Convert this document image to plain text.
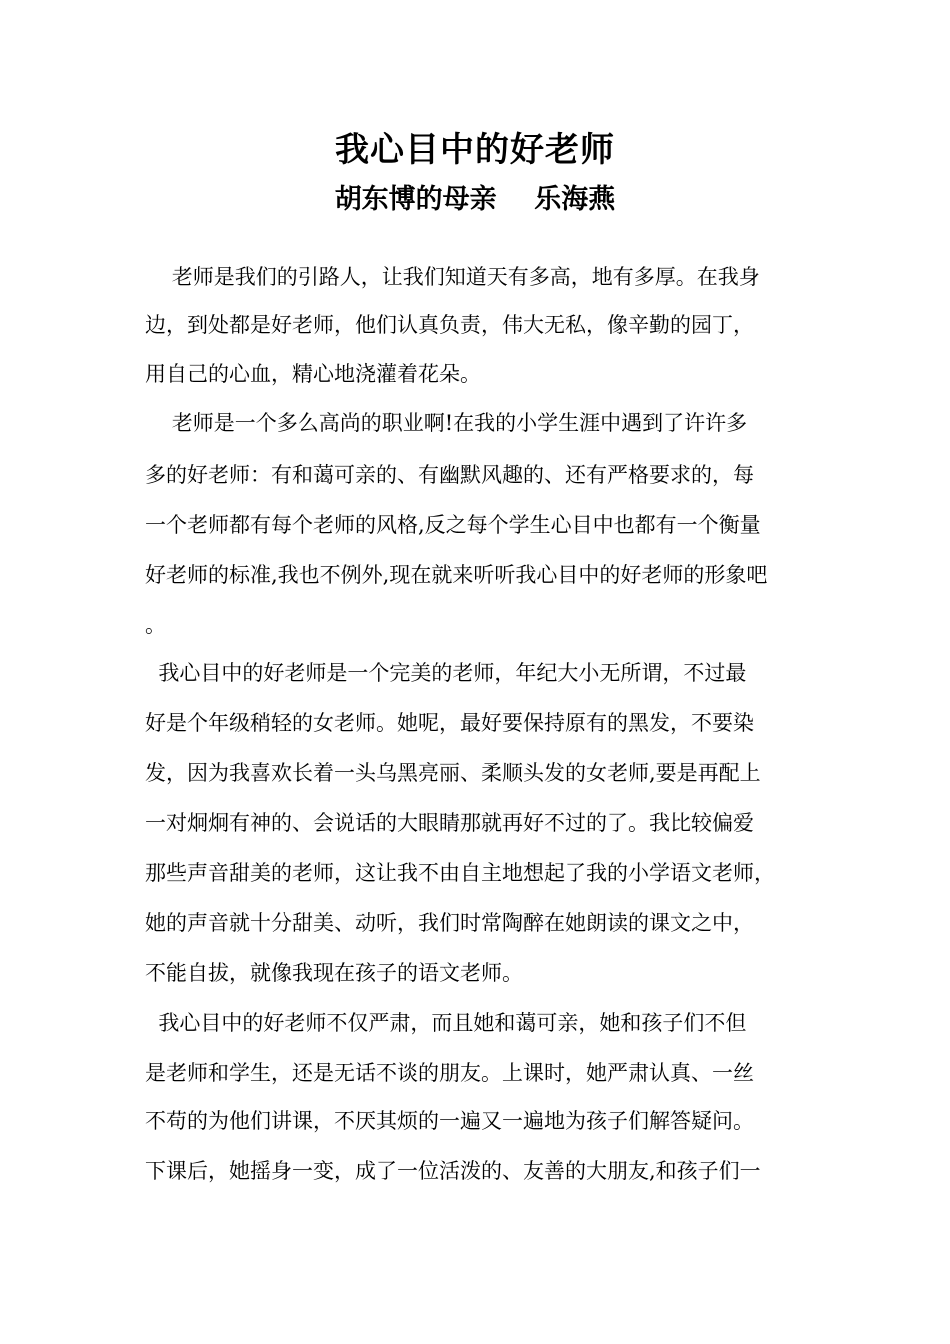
我心目中的好老师
胡东博的母亲    乐海燕
老师是我们的引路人，让我们知道天有多高，地有多厚。在我身
边，到处都是好老师，他们认真负责，伟大无私，像辛勤的园丁，
用自己的心血，精心地浇灌着花朵。
老师是一个多么高尚的职业啊!在我的小学生涯中遇到了许许多
多的好老师：有和蔼可亲的、有幽默风趣的、还有严格要求的，每
一个老师都有每个老师的风格,反之每个学生心目中也都有一个衡量
好老师的标准,我也不例外,现在就来听听我心目中的好老师的形象吧
。
我心目中的好老师是一个完美的老师，年纪大小无所谓，不过最
好是个年级稍轻的女老师。她呢，最好要保持原有的黑发，不要染
发，因为我喜欢长着一头乌黑亮丽、柔顺头发的女老师,要是再配上
一对炯炯有神的、会说话的大眼睛那就再好不过的了。我比较偏爱
那些声音甜美的老师，这让我不由自主地想起了我的小学语文老师，
她的声音就十分甜美、动听，我们时常陶醉在她朗读的课文之中，
不能自拔，就像我现在孩子的语文老师。
我心目中的好老师不仅严肃，而且她和蔼可亲，她和孩子们不但
是老师和学生，还是无话不谈的朋友。上课时，她严肃认真、一丝
不苟的为他们讲课，不厌其烦的一遍又一遍地为孩子们解答疑问。
下课后，她摇身一变，成了一位活泼的、友善的大朋友,和孩子们一
